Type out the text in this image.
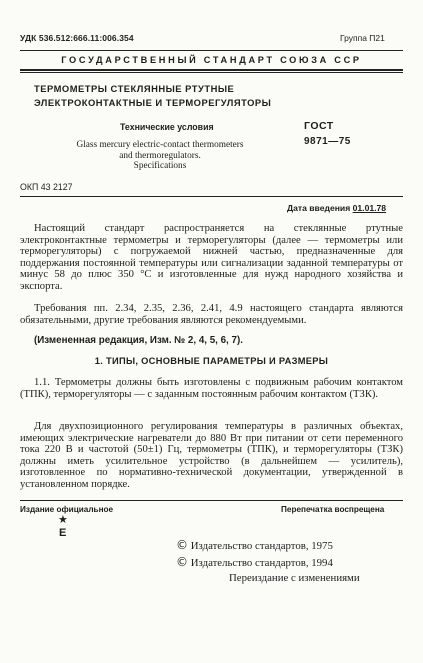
УДК 536.512:666.11:006.354	Группа П21
ГОСУДАРСТВЕННЫЙ СТАНДАРТ СОЮЗА ССР
ТЕРМОМЕТРЫ СТЕКЛЯННЫЕ РТУТНЫЕ
ЭЛЕКТРОКОНТАКТНЫЕ И ТЕРМОРЕГУЛЯТОРЫ
Технические условия	ГОСТ
9871—75
Glass mercury electric-contact thermometers
and thermoregulators.
Specifications
ОКП 43 2127
Дата введения 01.01.78

Настоящий стандарт распространяется на стеклянные ртутные электроконтактные термометры и терморегуляторы (далее — термометры или терморегуляторы) с погружаемой нижней частью, предназначенные для поддержания постоянной температуры или сигнализации заданной температуры от минус 58 до плюс 350 °С и изготовленные для нужд народного хозяйства и экспорта.

Требования пп. 2.34, 2.35, 2.36, 2.41, 4.9 настоящего стандарта являются обязательными, другие требования являются рекомендуемыми.

(Измененная редакция, Изм. № 2, 4, 5, 6, 7).

1. ТИПЫ, ОСНОВНЫЕ ПАРАМЕТРЫ И РАЗМЕРЫ

1.1. Термометры должны быть изготовлены с подвижным рабочим контактом (ТПК), терморегуляторы — с заданным постоянным рабочим контактом (ТЗК).

Для двухпозиционного регулирования температуры в различных объектах, имеющих электрические нагреватели до 880 Вт при питании от сети переменного тока 220 В и частотой (50±1) Гц, термометры (ТПК), и терморегуляторы (ТЗК) должны иметь усилительное устройство (в дальнейшем — усилитель), изготовленное по нормативно-технической документации, утвержденной в установленном порядке.

Издание официальное	Перепечатка воспрещена
★
Е
© Издательство стандартов, 1975
© Издательство стандартов, 1994
Переиздание с изменениями
